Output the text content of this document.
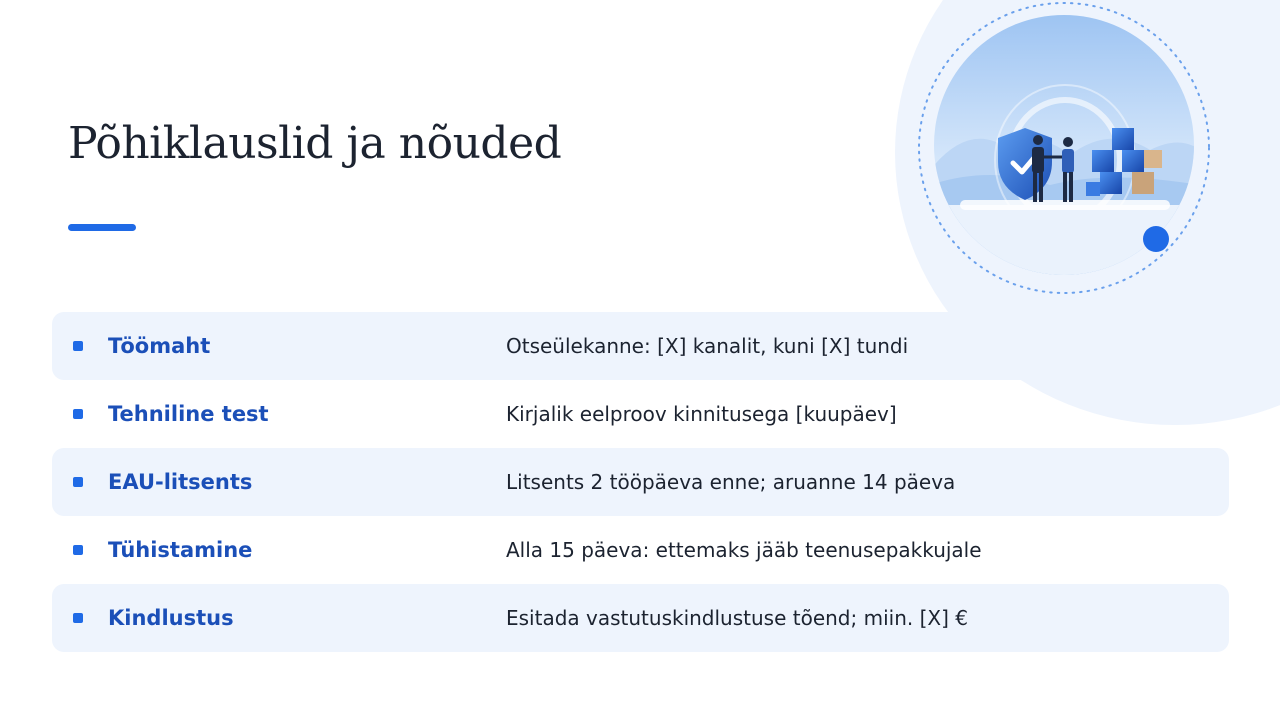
Põhiklauslid ja nõuded
Töömaht	Otseülekanne: [X] kanalit, kuni [X] tundi
Tehniline test	Kirjalik eelproov kinnitusega [kuupäev]
EAU-litsents	Litsents 2 tööpäeva enne; aruanne 14 päeva
Tühistamine	Alla 15 päeva: ettemaks jääb teenusepakkujale
Kindlustus	Esitada vastutuskindlustuse tõend; miin. [X] €
